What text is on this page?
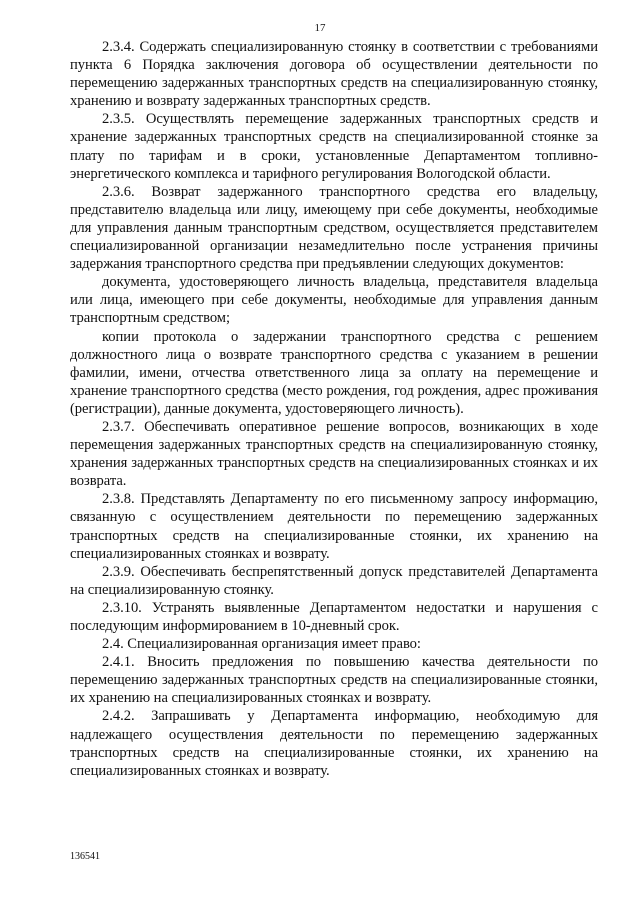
17

2.3.4. Содержать специализированную стоянку в соответствии с требованиями пункта 6 Порядка заключения договора об осуществлении деятельности по перемещению задержанных транспортных средств на специализированную стоянку, хранению и возврату задержанных транспортных средств.

2.3.5. Осуществлять перемещение задержанных транспортных средств и хранение задержанных транспортных средств на специализированной стоянке за плату по тарифам и в сроки, установленные Департаментом топливно-энергетического комплекса и тарифного регулирования Вологодской области.

2.3.6. Возврат задержанного транспортного средства его владельцу, представителю владельца или лицу, имеющему при себе документы, необходимые для управления данным транспортным средством, осуществляется представителем специализированной организации незамедлительно после устранения причины задержания транспортного средства при предъявлении следующих документов:

документа, удостоверяющего личность владельца, представителя владельца или лица, имеющего при себе документы, необходимые для управления данным транспортным средством;

копии протокола о задержании транспортного средства с решением должностного лица о возврате транспортного средства с указанием в решении фамилии, имени, отчества ответственного лица за оплату на перемещение и хранение транспортного средства (место рождения, год рождения, адрес проживания (регистрации), данные документа, удостоверяющего личность).

2.3.7. Обеспечивать оперативное решение вопросов, возникающих в ходе перемещения задержанных транспортных средств на специализированную стоянку, хранения задержанных транспортных средств на специализированных стоянках и их возврата.

2.3.8. Представлять Департаменту по его письменному запросу информацию, связанную с осуществлением деятельности по перемещению задержанных транспортных средств на специализированные стоянки, их хранению на специализированных стоянках и возврату.

2.3.9. Обеспечивать беспрепятственный допуск представителей Департамента на специализированную стоянку.

2.3.10. Устранять выявленные Департаментом недостатки и нарушения с последующим информированием в 10-дневный срок.

2.4. Специализированная организация имеет право:

2.4.1. Вносить предложения по повышению качества деятельности по перемещению задержанных транспортных средств на специализированные стоянки, их хранению на специализированных стоянках и возврату.

2.4.2. Запрашивать у Департамента информацию, необходимую для надлежащего осуществления деятельности по перемещению задержанных транспортных средств на специализированные стоянки, их хранению на специализированных стоянках и возврату.

136541
